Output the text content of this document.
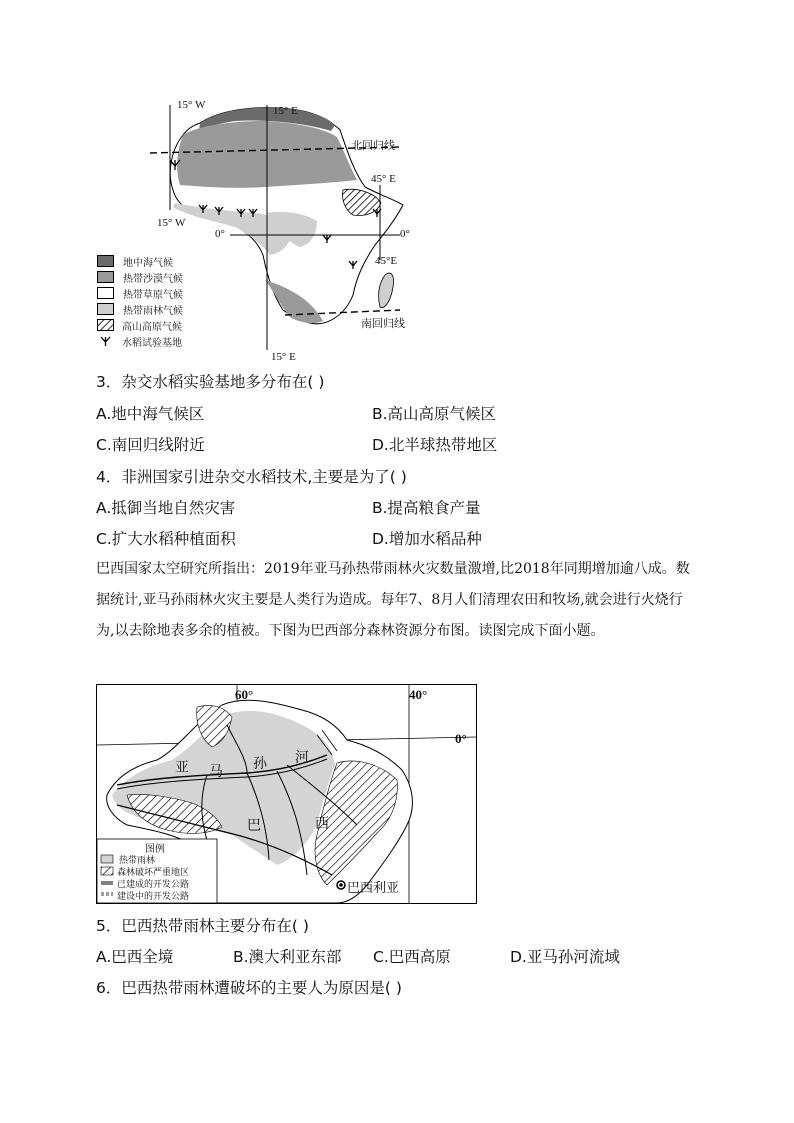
15° W	15° E
北回归线
45° E
15° W
0°	0°
45°E
南回归线
15° E
地中海气候
热带沙漠气候
热带草原气候
热带雨林气候
高山高原气候
水稻试验基地
3．杂交水稻实验基地多分布在( )
A.地中海气候区	B.高山高原气候区
C.南回归线附近	D.北半球热带地区
4．非洲国家引进杂交水稻技术,主要是为了( )
A.抵御当地自然灾害	B.提高粮食产量
C.扩大水稻种植面积	D.增加水稻品种
巴西国家太空研究所指出：2019年亚马孙热带雨林火灾数量激增,比2018年同期增加逾八成。数据统计,亚马孙雨林火灾主要是人类行为造成。每年7、8月人们清理农田和牧场,就会进行火烧行为,以去除地表多余的植被。下图为巴西部分森林资源分布图。读图完成下面小题。
60°	40°
0°
亚 马 孙 河
巴	西
巴西利亚
图例
热带雨林
森林破坏严重地区
已建成的开发公路
建设中的开发公路
5．巴西热带雨林主要分布在( )
A.巴西全境	B.澳大利亚东部 C.巴西高原	D.亚马孙河流域
6．巴西热带雨林遭破坏的主要人为原因是( )
